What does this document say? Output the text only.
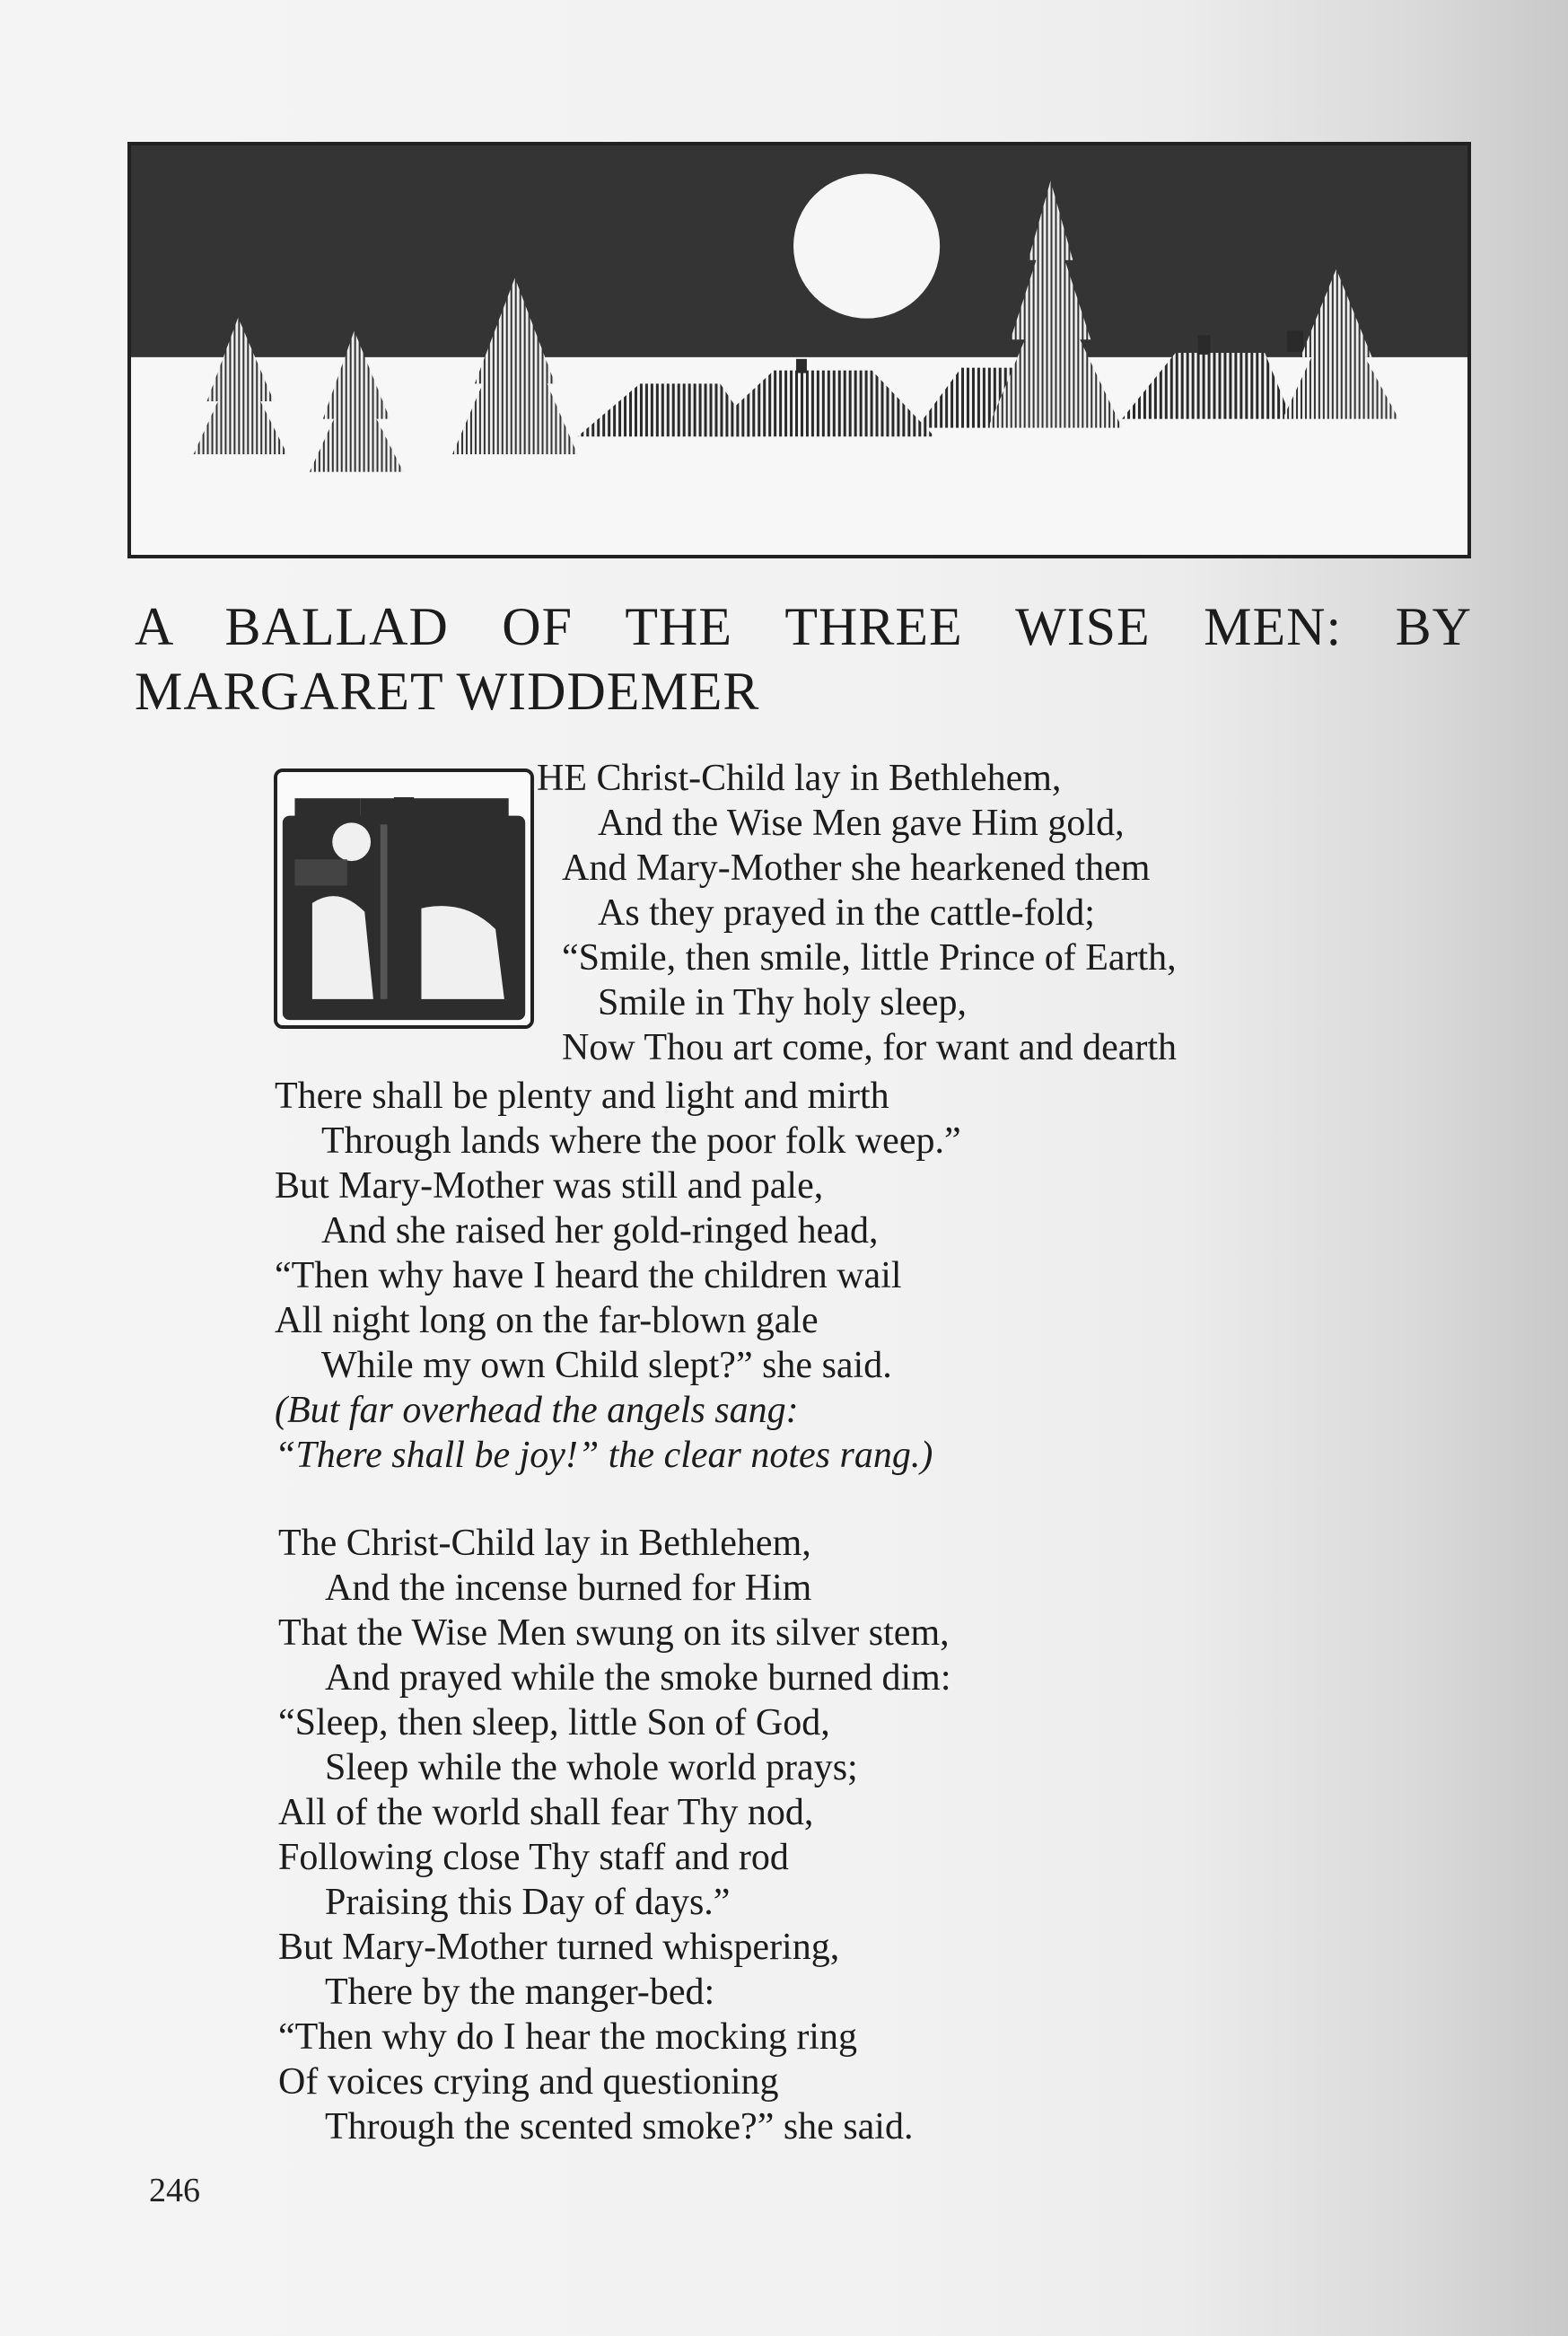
A BALLAD OF THE THREE WISE MEN: BY
MARGARET WIDDEMER
T
HE Christ-Child lay in Bethlehem,
And the Wise Men gave Him gold,
And Mary-Mother she hearkened them
As they prayed in the cattle-fold;
“Smile, then smile, little Prince of Earth,
Smile in Thy holy sleep,
Now Thou art come, for want and dearth
There shall be plenty and light and mirth
Through lands where the poor folk weep.”
But Mary-Mother was still and pale,
And she raised her gold-ringed head,
“Then why have I heard the children wail
All night long on the far-blown gale
While my own Child slept?” she said.
(But far overhead the angels sang:
“There shall be joy!” the clear notes rang.)
The Christ-Child lay in Bethlehem,
And the incense burned for Him
That the Wise Men swung on its silver stem,
And prayed while the smoke burned dim:
“Sleep, then sleep, little Son of God,
Sleep while the whole world prays;
All of the world shall fear Thy nod,
Following close Thy staff and rod
Praising this Day of days.”
But Mary-Mother turned whispering,
There by the manger-bed:
“Then why do I hear the mocking ring
Of voices crying and questioning
Through the scented smoke?” she said.
246
